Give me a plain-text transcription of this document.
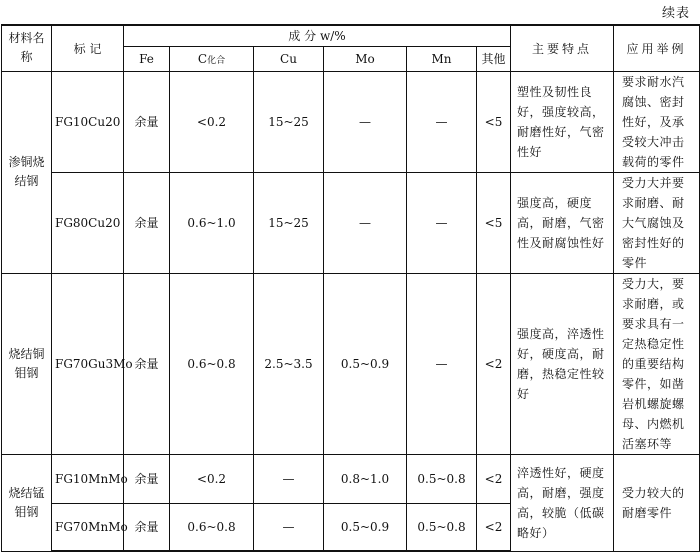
续表
材料名称	标 记	成 分 w/%						主要特点	应用举例
		Fe	C化合	Cu	Mo	Mn	其他		
渗铜烧结钢	FG10Cu20	余量	<0.2	15~25	—	—	<5	塑性及韧性良好，强度较高，耐磨性好，气密性好	要求耐水汽腐蚀、密封性好，及承受较大冲击载荷的零件
	FG80Cu20	余量	0.6~1.0	15~25	—	—	<5	强度高，硬度高，耐磨，气密性及耐腐蚀性好	受力大并要求耐磨、耐大气腐蚀及密封性好的零件
烧结铜钼钢	FG70Gu3Mo	余量	0.6~0.8	2.5~3.5	0.5~0.9	—	<2	强度高，淬透性好，硬度高，耐磨，热稳定性较好	受力大，要求耐磨，或要求具有一定热稳定性的重要结构零件，如凿岩机螺旋螺母、内燃机活塞环等
烧结锰钼钢	FG10MnMo	余量	<0.2	—	0.8~1.0	0.5~0.8	<2	淬透性好，硬度高，耐磨，强度高，较脆（低碳略好）	受力较大的耐磨零件
	FG70MnMo	余量	0.6~0.8	—	0.5~0.9	0.5~0.8	<2		
